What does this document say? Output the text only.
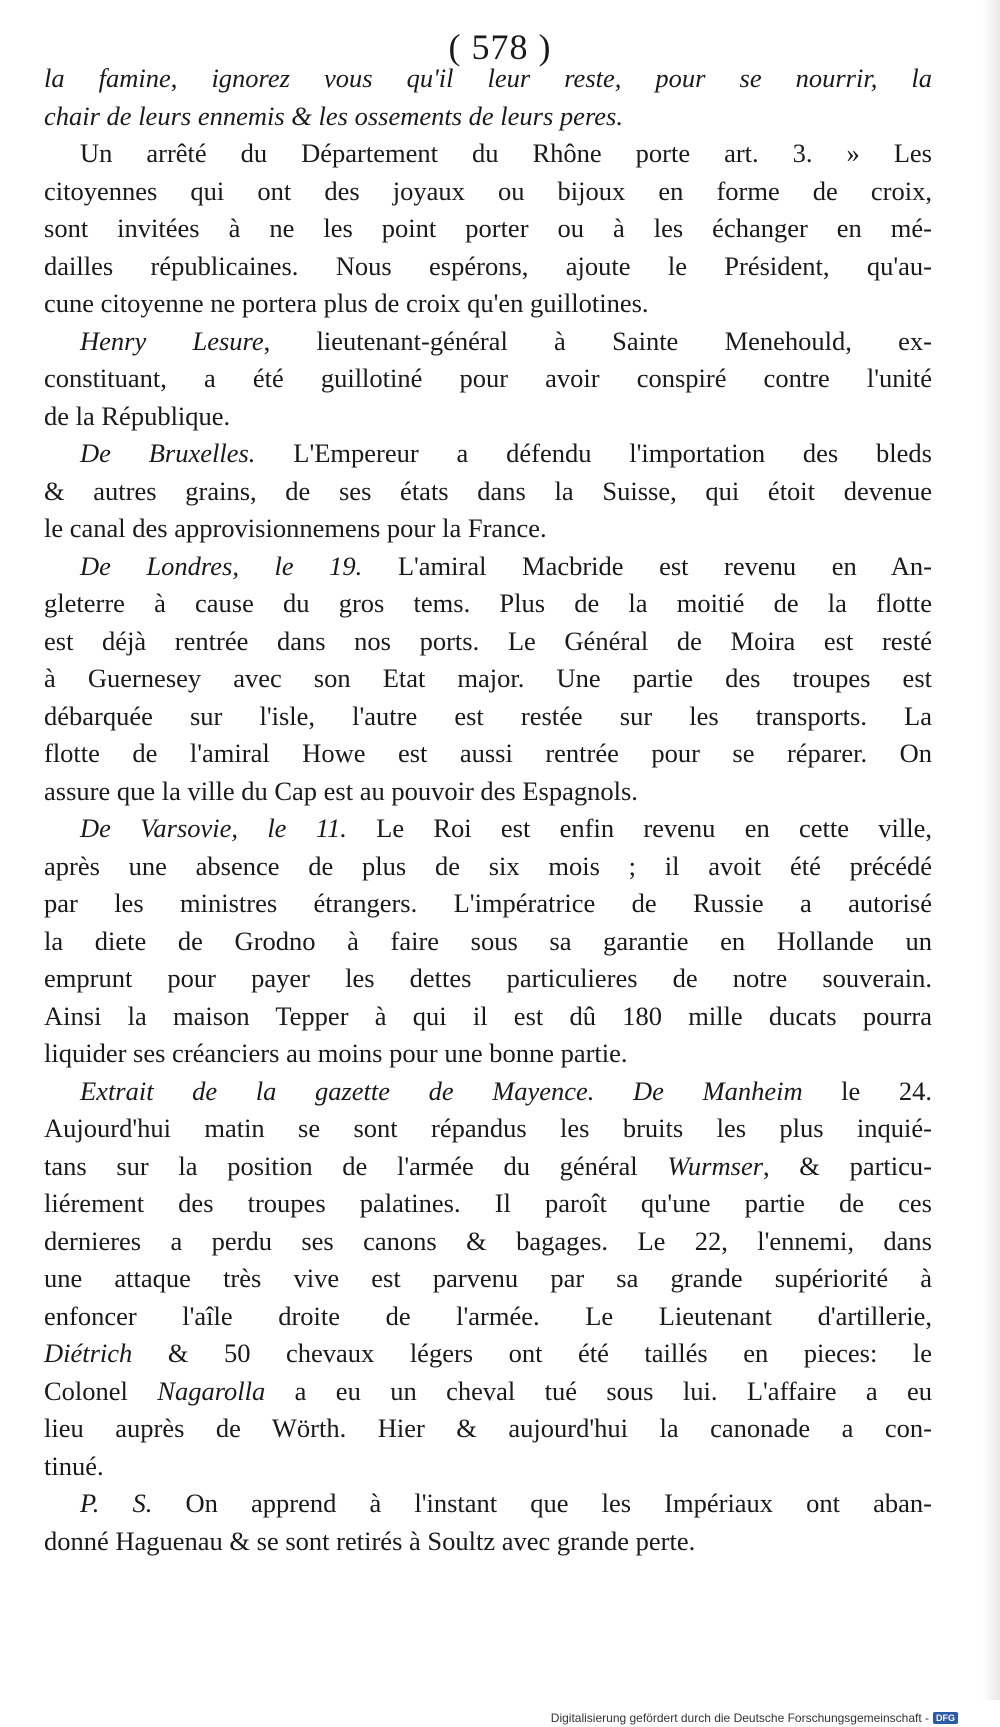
( 578 )
la famine, ignorez vous qu'il leur reste, pour se nourrir, la
chair de leurs ennemis & les ossements de leurs peres.
Un arrêté du Département du Rhône porte art. 3. » Les
citoyennes qui ont des joyaux ou bijoux en forme de croix,
sont invitées à ne les point porter ou à les échanger en mé-
dailles républicaines. Nous espérons, ajoute le Président, qu'au-
cune citoyenne ne portera plus de croix qu'en guillotines.
Henry Lesure, lieutenant-général à Sainte Menehould, ex-
constituant, a été guillotiné pour avoir conspiré contre l'unité
de la République.
De Bruxelles. L'Empereur a défendu l'importation des bleds
& autres grains, de ses états dans la Suisse, qui étoit devenue
le canal des approvisionnemens pour la France.
De Londres, le 19. L'amiral Macbride est revenu en An-
gleterre à cause du gros tems. Plus de la moitié de la flotte
est déjà rentrée dans nos ports. Le Général de Moira est resté
à Guernesey avec son Etat major. Une partie des troupes est
débarquée sur l'isle, l'autre est restée sur les transports. La
flotte de l'amiral Howe est aussi rentrée pour se réparer. On
assure que la ville du Cap est au pouvoir des Espagnols.
De Varsovie, le 11. Le Roi est enfin revenu en cette ville,
après une absence de plus de six mois ; il avoit été précédé
par les ministres étrangers. L'impératrice de Russie a autorisé
la diete de Grodno à faire sous sa garantie en Hollande un
emprunt pour payer les dettes particulieres de notre souverain.
Ainsi la maison Tepper à qui il est dû 180 mille ducats pourra
liquider ses créanciers au moins pour une bonne partie.
Extrait de la gazette de Mayence. De Manheim le 24.
Aujourd'hui matin se sont répandus les bruits les plus inquié-
tans sur la position de l'armée du général Wurmser, & particu-
liérement des troupes palatines. Il paroît qu'une partie de ces
dernieres a perdu ses canons & bagages. Le 22, l'ennemi, dans
une attaque très vive est parvenu par sa grande supériorité à
enfoncer l'aîle droite de l'armée. Le Lieutenant d'artillerie,
Diétrich & 50 chevaux légers ont été taillés en pieces: le
Colonel Nagarolla a eu un cheval tué sous lui. L'affaire a eu
lieu auprès de Wörth. Hier & aujourd'hui la canonade a con-
tinué.
P. S. On apprend à l'instant que les Impériaux ont aban-
donné Haguenau & se sont retirés à Soultz avec grande perte.
Digitalisierung gefördert durch die Deutsche Forschungsgemeinschaft - DFG
